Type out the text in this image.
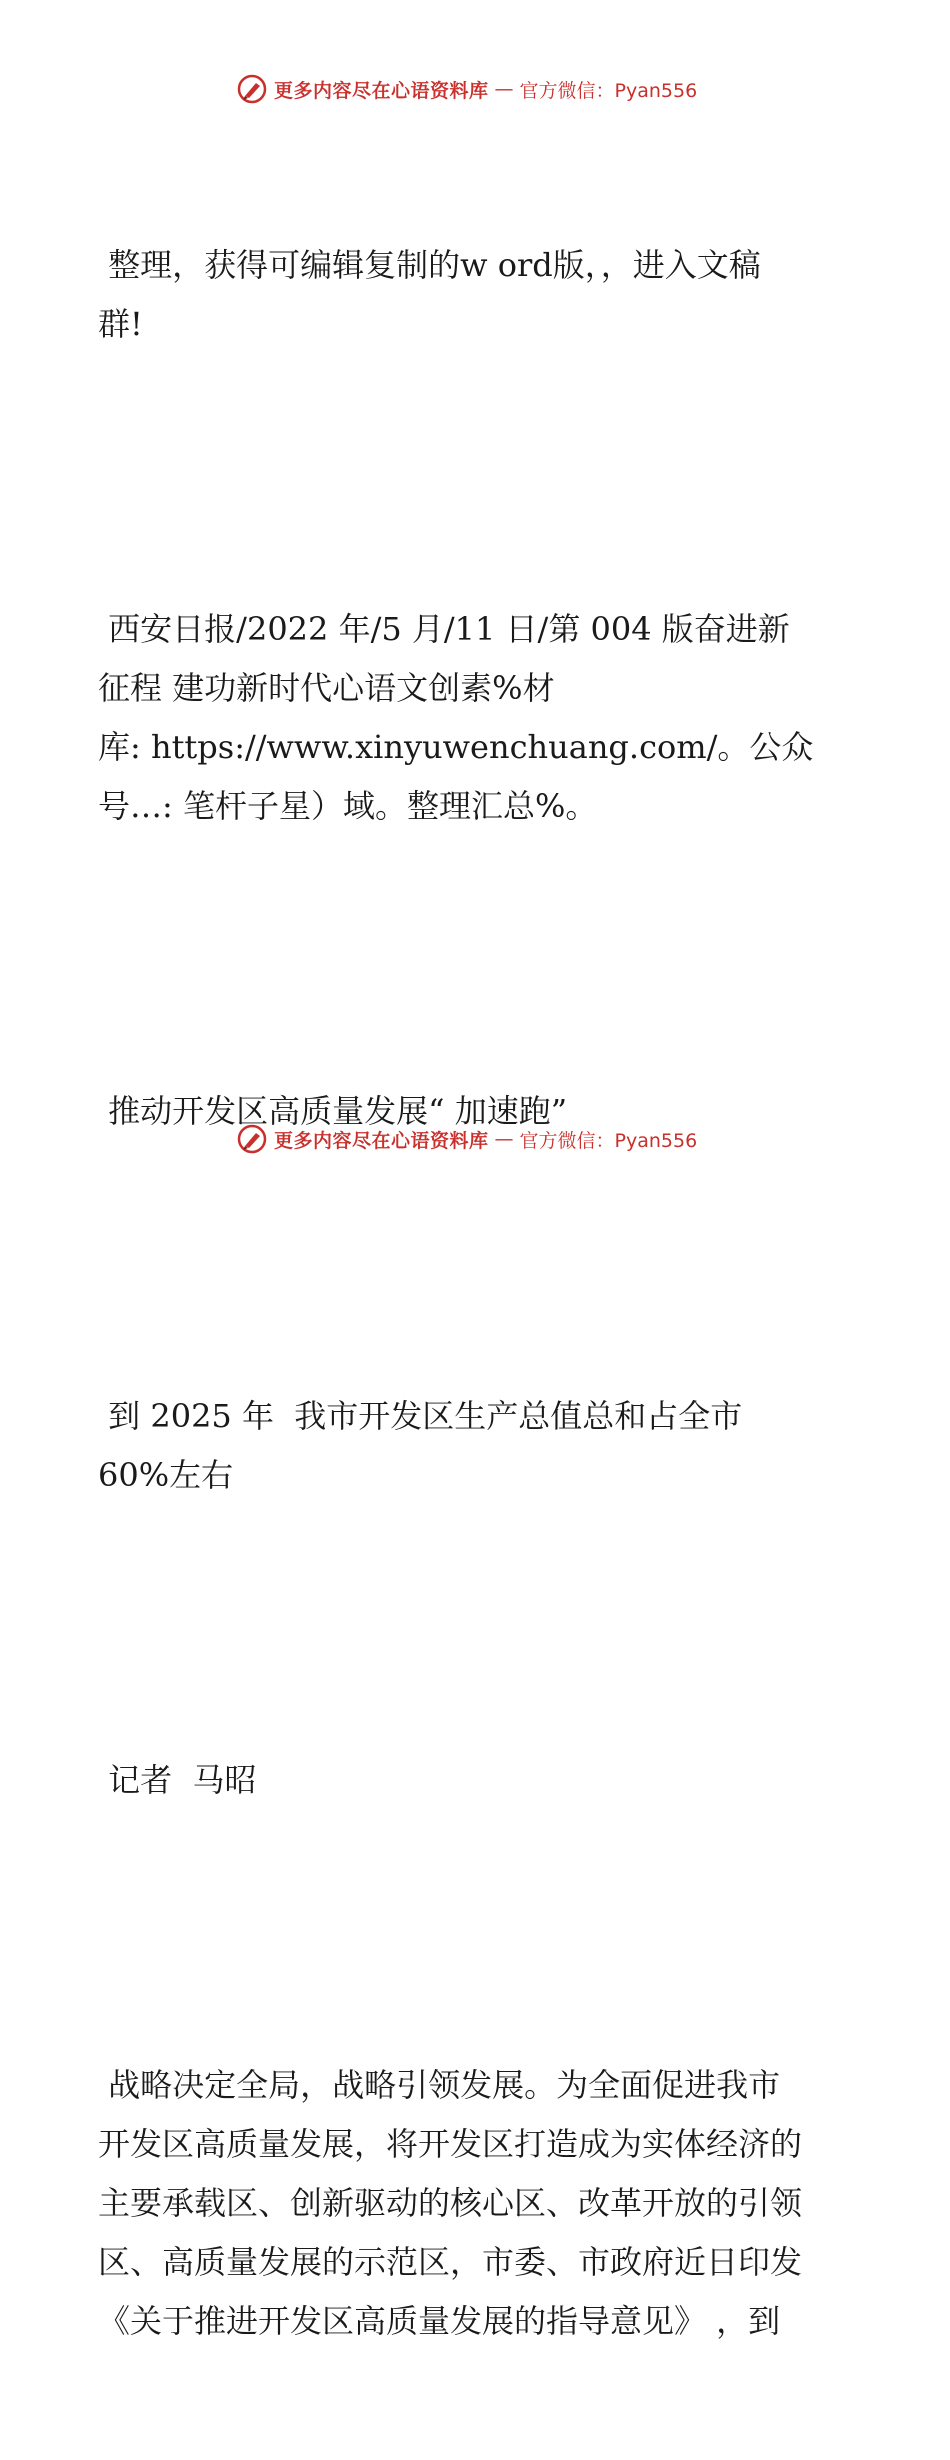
更多内容尽在心语资料库 — 官方微信：Pyan556

整理，获得可编辑复制的w ord版，，进入文稿
群!

西安日报/2022 年/5 月/11 日/第 004 版奋进新
征程 建功新时代心语文创素%材
库: https://www.xinyuwenchuang.com/。公众
号…: 笔杆子星）域。整理汇总%。

推动开发区高质量发展“ 加速跑”

到 2025 年  我市开发区生产总值总和占全市
60%左右

记者  马昭

战略决定全局，战略引领发展。为全面促进我市
开发区高质量发展，将开发区打造成为实体经济的
主要承载区、创新驱动的核心区、改革开放的引领
区、高质量发展的示范区，市委、市政府近日印发
《关于推进开发区高质量发展的指导意见》 ，到

更多内容尽在心语资料库 — 官方微信：Pyan556
